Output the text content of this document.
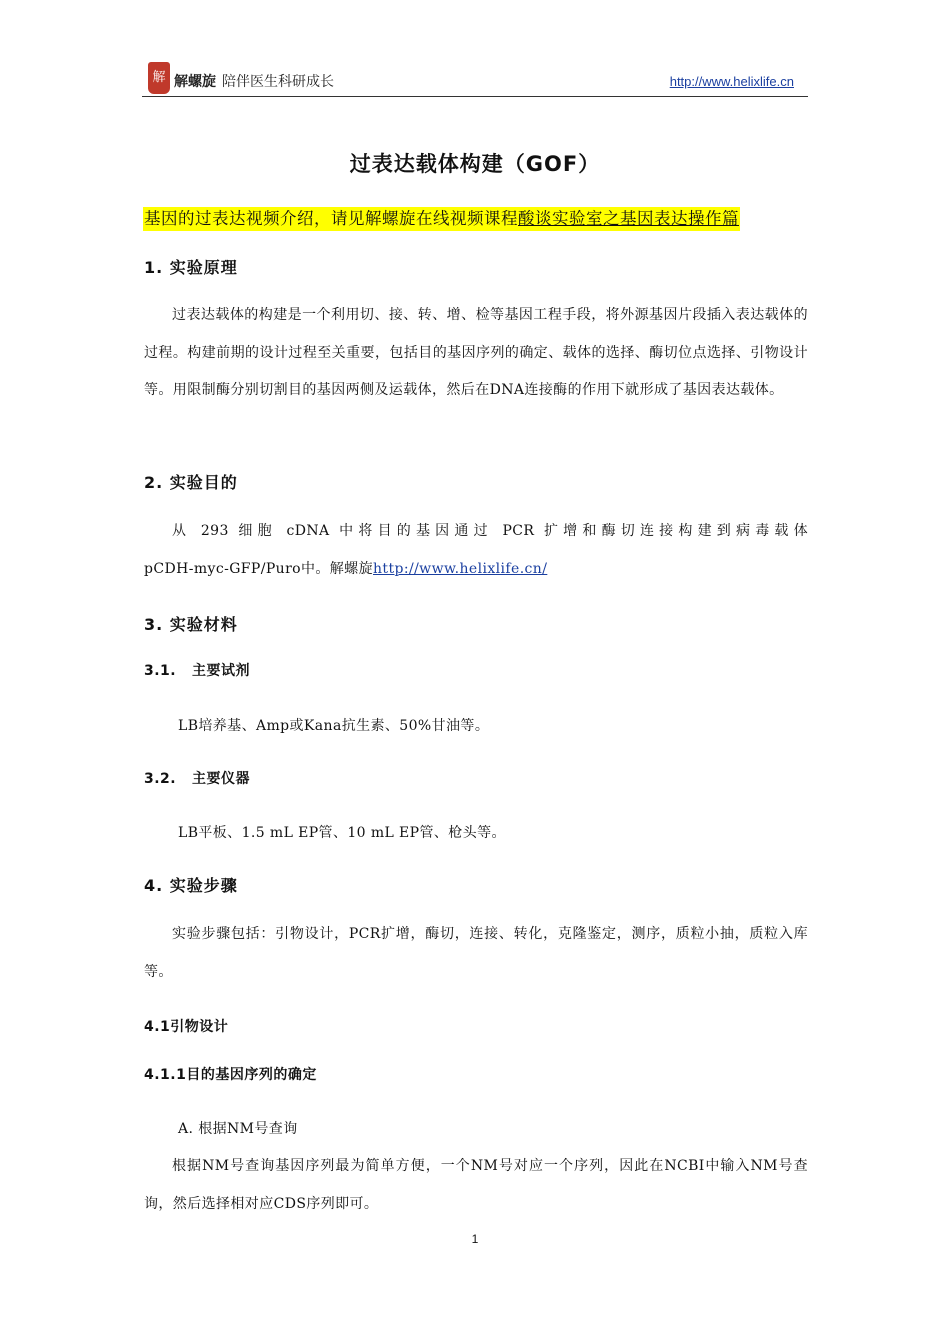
解 解螺旋 陪伴医生科研成长	http://www.helixlife.cn
过表达载体构建（GOF）
基因的过表达视频介绍，请见解螺旋在线视频课程酸谈实验室之基因表达操作篇
1. 实验原理
过表达载体的构建是一个利用切、接、转、增、检等基因工程手段，将外源基因片段插入表达载体的过程。构建前期的设计过程至关重要，包括目的基因序列的确定、载体的选择、酶切位点选择、引物设计等。用限制酶分别切割目的基因两侧及运载体，然后在DNA连接酶的作用下就形成了基因表达载体。
2. 实验目的
从 293 细胞 cDNA 中将目的基因通过 PCR 扩增和酶切连接构建到病毒载体
pCDH-myc-GFP/Puro中。解螺旋http://www.helixlife.cn/
3. 实验材料
3.1. 主要试剂
LB培养基、Amp或Kana抗生素、50%甘油等。
3.2. 主要仪器
LB平板、1.5 mL EP管、10 mL EP管、枪头等。
4. 实验步骤
实验步骤包括：引物设计，PCR扩增，酶切，连接、转化，克隆鉴定，测序，质粒小抽，质粒入库等。
4.1引物设计
4.1.1目的基因序列的确定
A. 根据NM号查询
根据NM号查询基因序列最为简单方便，一个NM号对应一个序列，因此在NCBI中输入NM号查询，然后选择相对应CDS序列即可。
1
